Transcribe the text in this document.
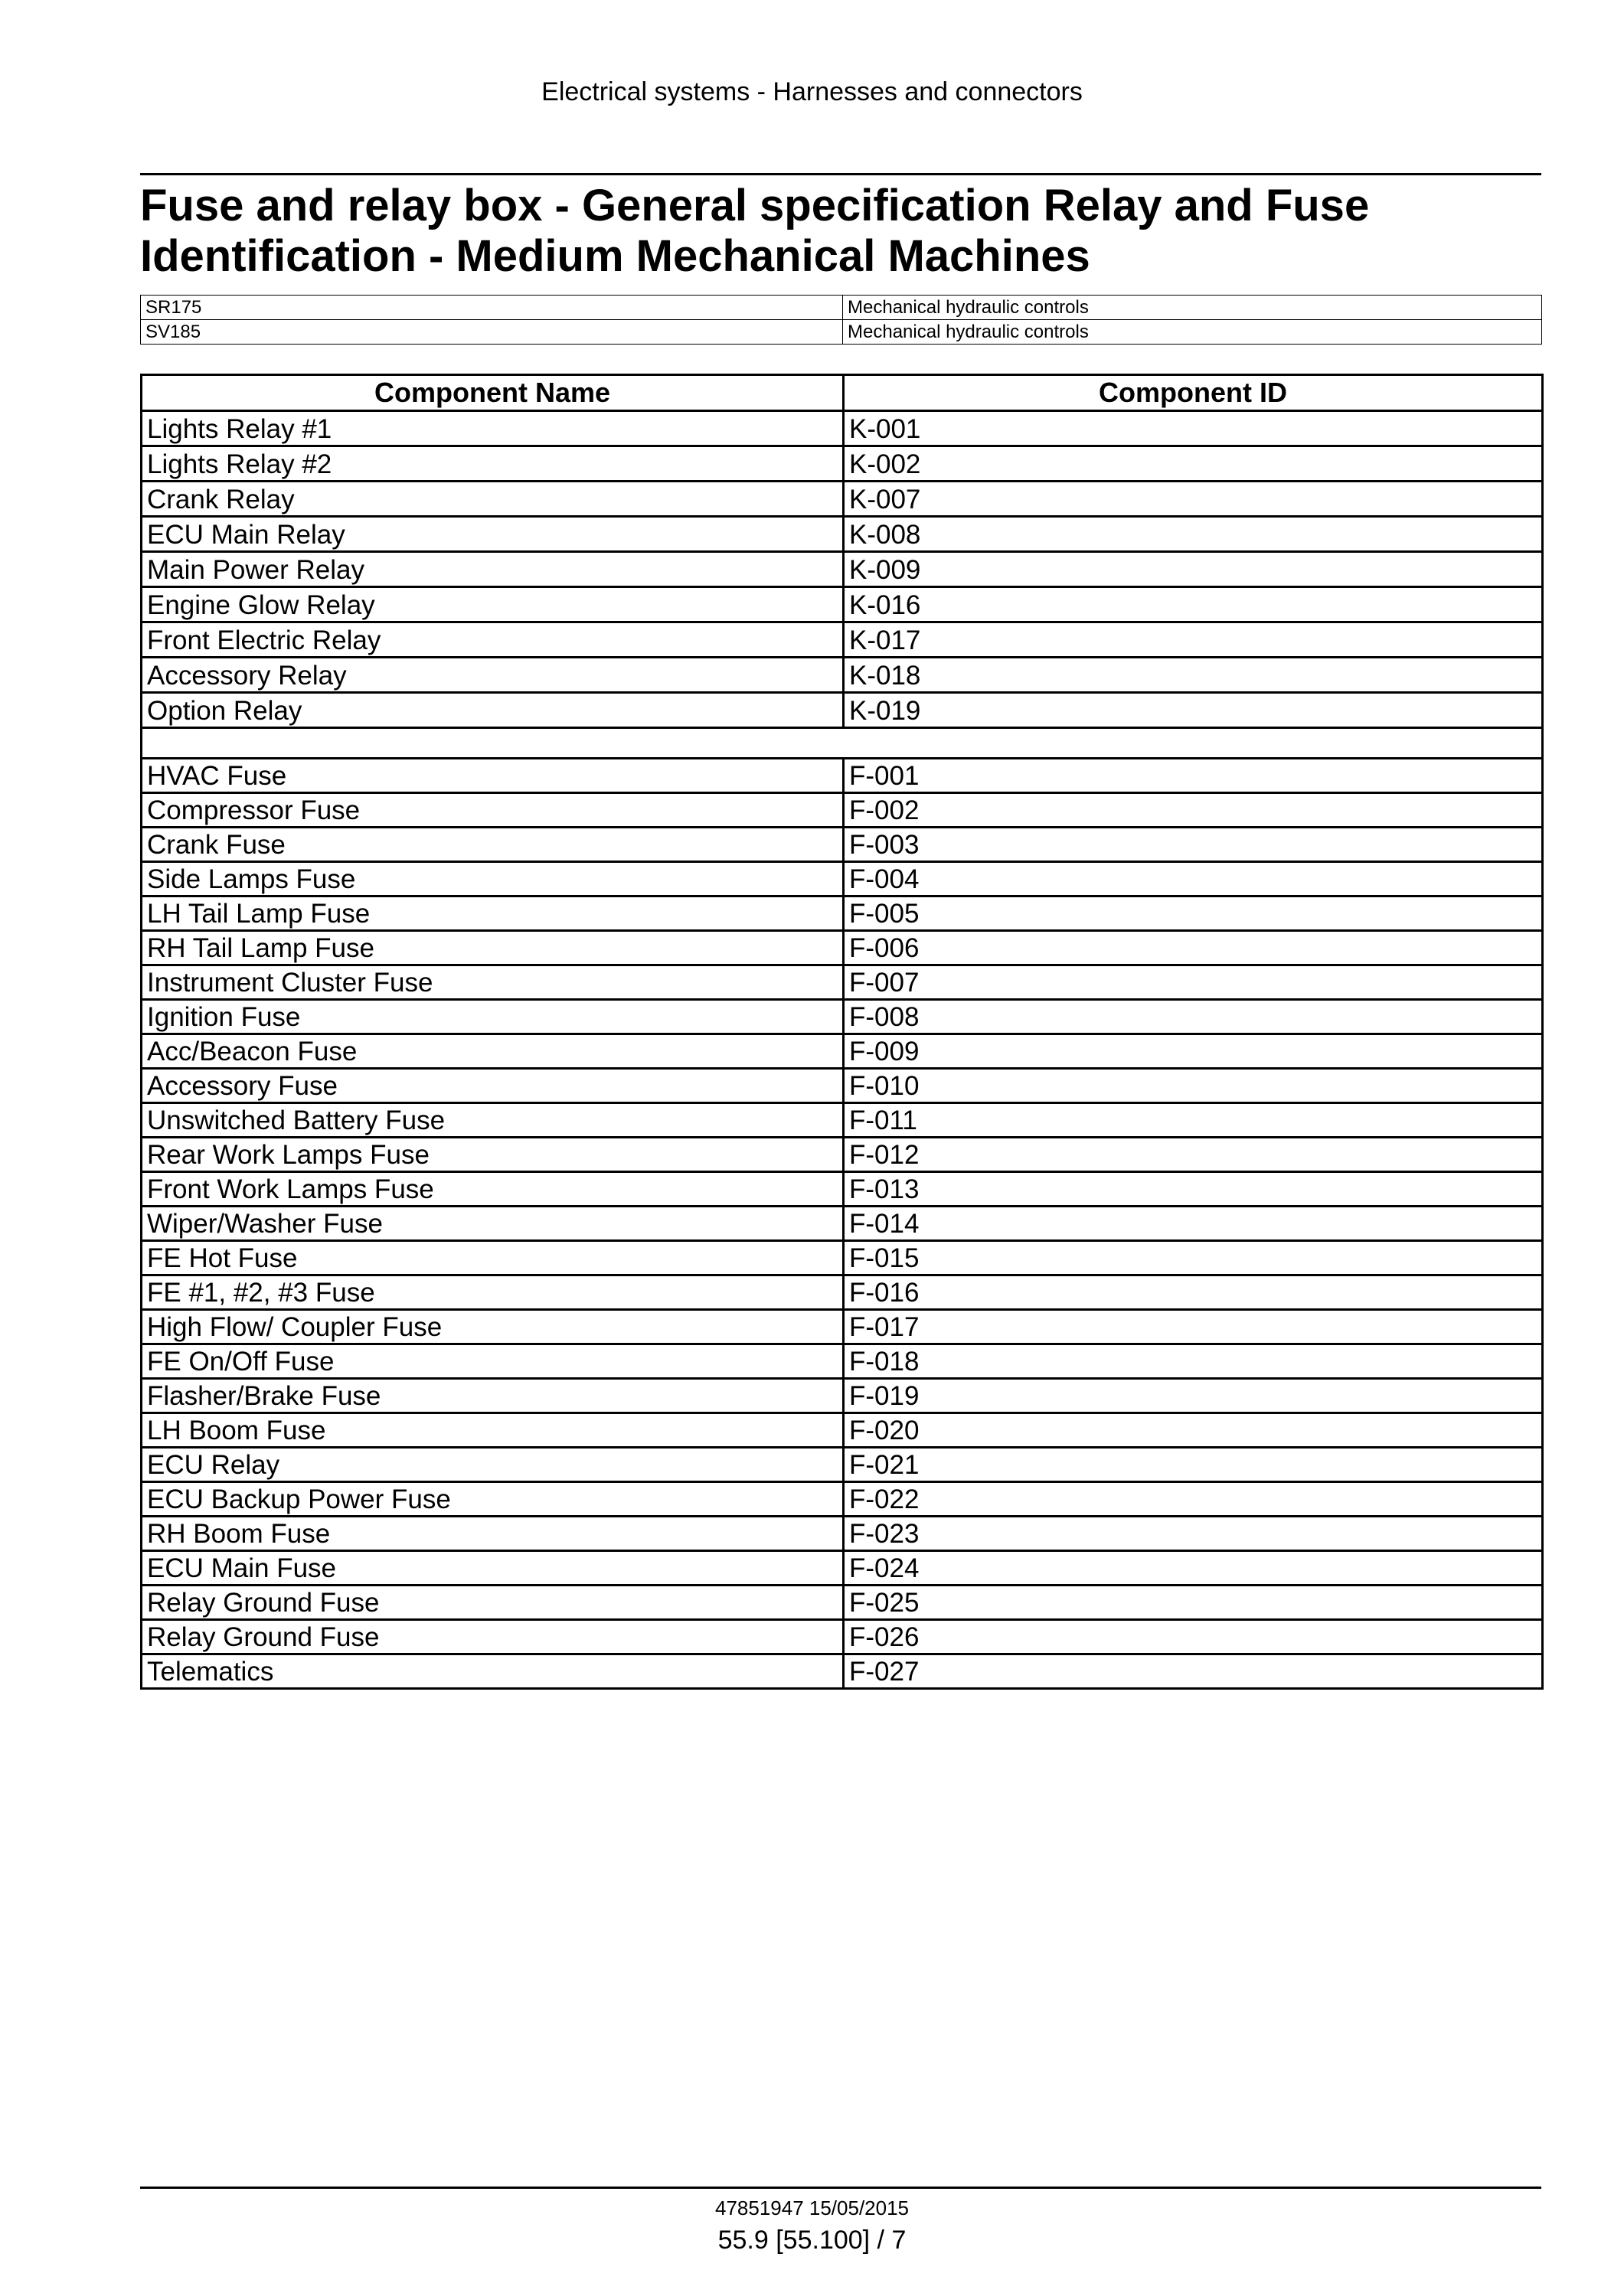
Electrical systems - Harnesses and connectors
Fuse and relay box - General specification Relay and Fuse Identification - Medium Mechanical Machines
SR175	Mechanical hydraulic controls
SV185	Mechanical hydraulic controls
Component Name	Component ID
Lights Relay #1	K-001
Lights Relay #2	K-002
Crank Relay	K-007
ECU Main Relay	K-008
Main Power Relay	K-009
Engine Glow Relay	K-016
Front Electric Relay	K-017
Accessory Relay	K-018
Option Relay	K-019

HVAC Fuse	F-001
Compressor Fuse	F-002
Crank Fuse	F-003
Side Lamps Fuse	F-004
LH Tail Lamp Fuse	F-005
RH Tail Lamp Fuse	F-006
Instrument Cluster Fuse	F-007
Ignition Fuse	F-008
Acc/Beacon Fuse	F-009
Accessory Fuse	F-010
Unswitched Battery Fuse	F-011
Rear Work Lamps Fuse	F-012
Front Work Lamps Fuse	F-013
Wiper/Washer Fuse	F-014
FE Hot Fuse	F-015
FE #1, #2, #3 Fuse	F-016
High Flow/ Coupler Fuse	F-017
FE On/Off Fuse	F-018
Flasher/Brake Fuse	F-019
LH Boom Fuse	F-020
ECU Relay	F-021
ECU Backup Power Fuse	F-022
RH Boom Fuse	F-023
ECU Main Fuse	F-024
Relay Ground Fuse	F-025
Relay Ground Fuse	F-026
Telematics	F-027
47851947 15/05/2015
55.9 [55.100] / 7
